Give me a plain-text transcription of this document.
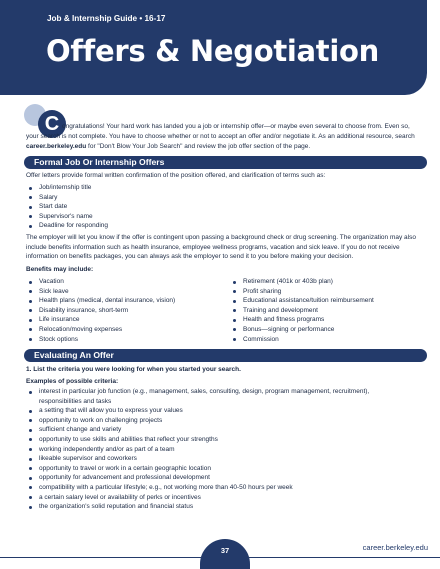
Job & Internship Guide • 16-17
Offers & Negotiation
C ongratulations! Your hard work has landed you a job or internship offer—or maybe even several to choose from. Even so, your search is not complete. You have to choose whether or not to accept an offer and/or negotiate it. As an additional resource, search career.berkeley.edu for "Don't Blow Your Job Search" and review the job offer section of the page.
Formal Job Or Internship Offers
Offer letters provide formal written confirmation of the position offered, and clarification of terms such as:
Job/internship title
Salary
Start date
Supervisor's name
Deadline for responding
The employer will let you know if the offer is contingent upon passing a background check or drug screening. The organization may also include benefits information such as health insurance, employee wellness programs, vacation and sick leave. If you do not receive information on benefits packages, you can always ask the employer to send it to you before making your decision.
Benefits may include:
Vacation
Sick leave
Health plans (medical, dental insurance, vision)
Disability insurance, short-term
Life insurance
Relocation/moving expenses
Stock options
Retirement (401k or 403b plan)
Profit sharing
Educational assistance/tuition reimbursement
Training and development
Health and fitness programs
Bonus—signing or performance
Commission
Evaluating An Offer
1. List the criteria you were looking for when you started your search.
Examples of possible criteria:
interest in particular job function (e.g., management, sales, consulting, design, program management, recruitment),
responsibilities and tasks
a setting that will allow you to express your values
opportunity to work on challenging projects
sufficient change and variety
opportunity to use skills and abilities that reflect your strengths
working independently and/or as part of a team
likeable supervisor and coworkers
opportunity to travel or work in a certain geographic location
opportunity for advancement and professional development
compatibility with a particular lifestyle; e.g., not working more than 40-50 hours per week
a certain salary level or availability of perks or incentives
the organization's solid reputation and financial status
37	career.berkeley.edu
